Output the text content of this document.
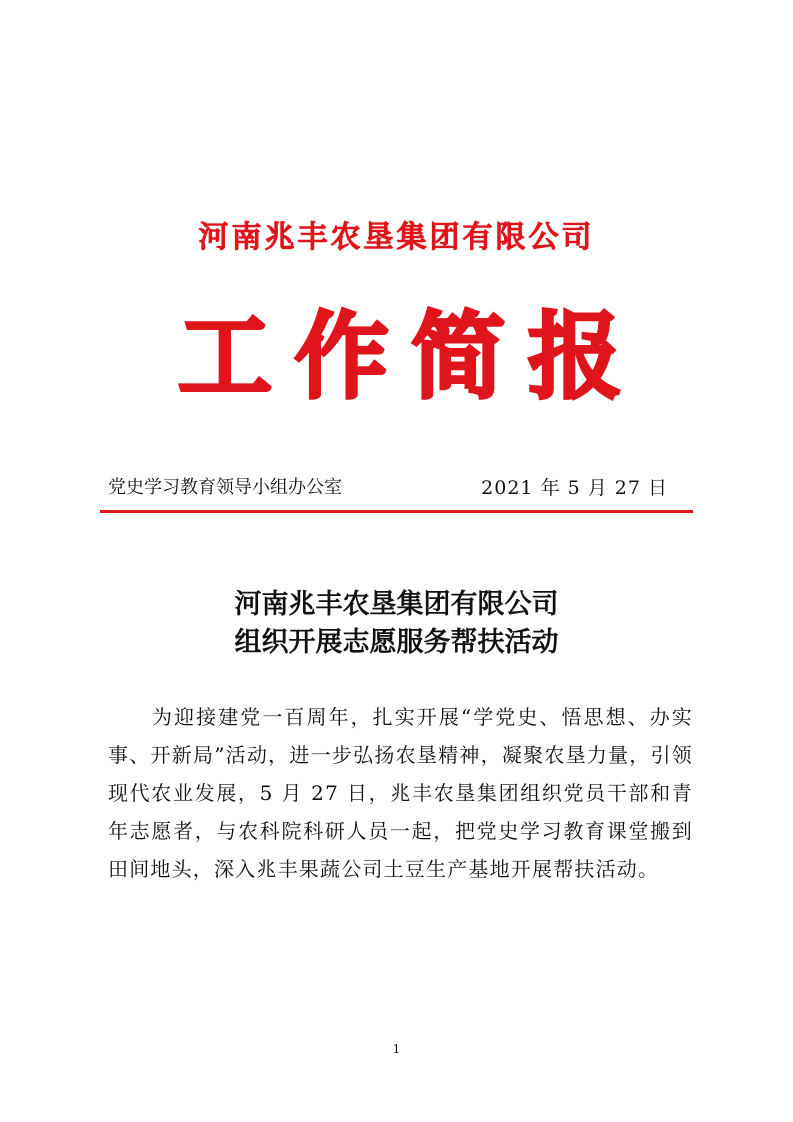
河南兆丰农垦集团有限公司
工 作 简 报
党史学习教育领导小组办公室	2021 年 5 月 27 日
河南兆丰农垦集团有限公司
组织开展志愿服务帮扶活动

为迎接建党一百周年，扎实开展“学党史、悟思想、办实事、开新局”活动，进一步弘扬农垦精神，凝聚农垦力量，引领现代农业发展，5 月 27 日，兆丰农垦集团组织党员干部和青年志愿者，与农科院科研人员一起，把党史学习教育课堂搬到田间地头，深入兆丰果蔬公司土豆生产基地开展帮扶活动。

1
